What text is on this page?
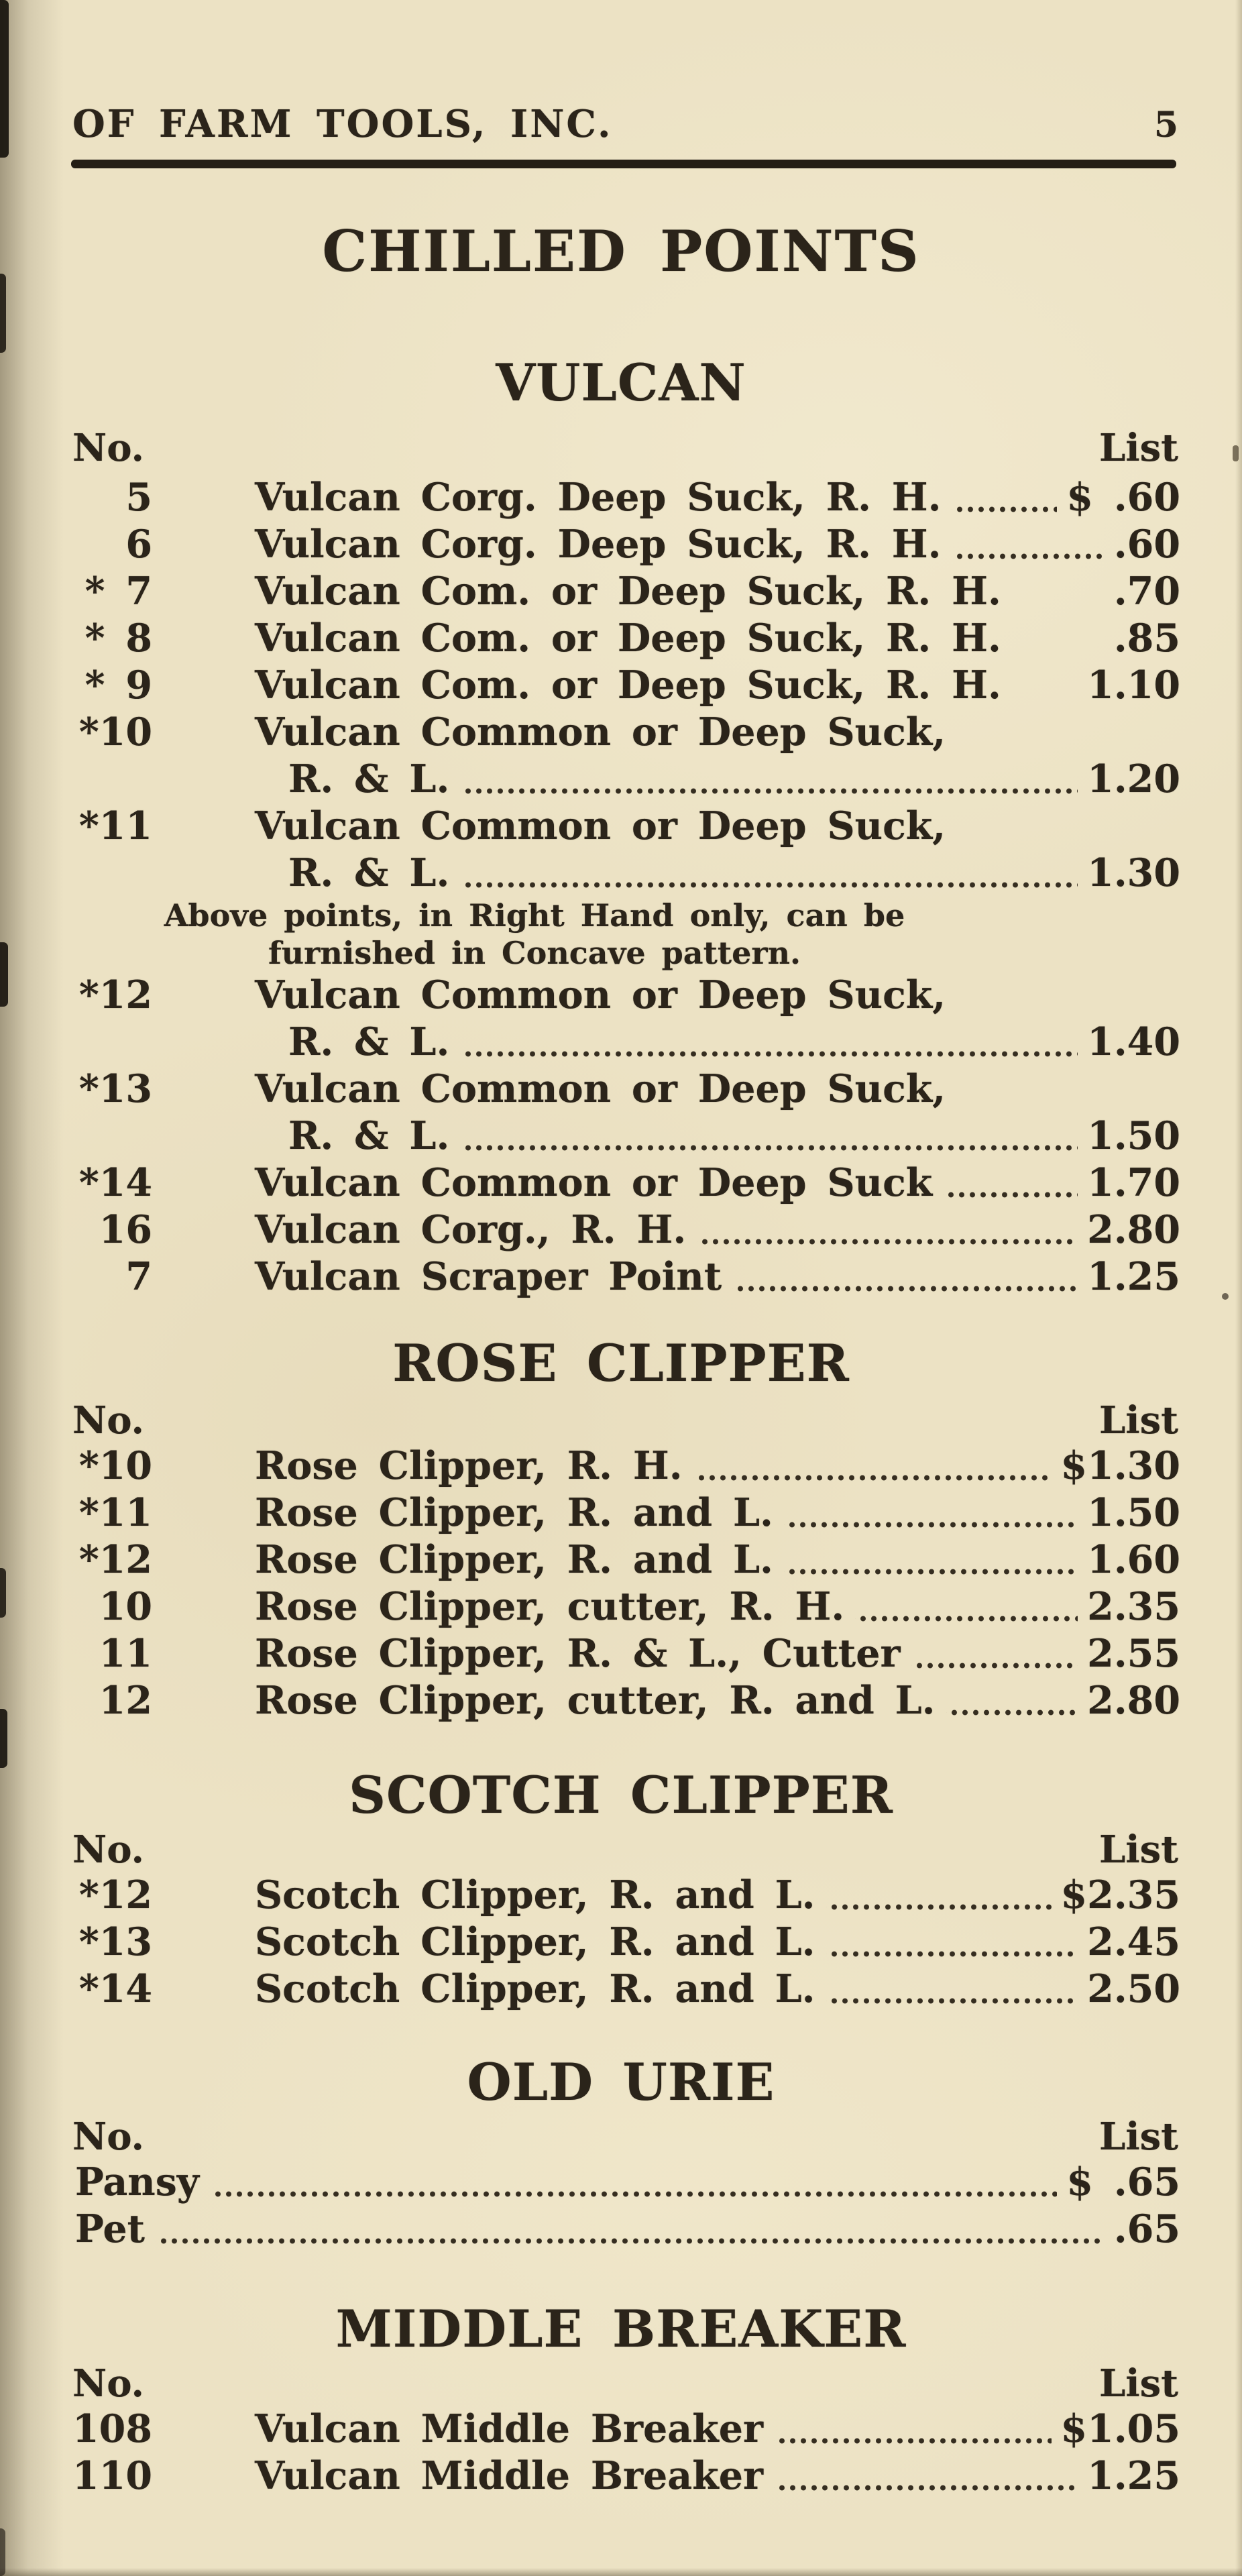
OF FARM TOOLS, INC.	5
CHILLED POINTS
VULCAN
No.	List
5	Vulcan Corg. Deep Suck, R. H.	$ .60
6	Vulcan Corg. Deep Suck, R. H.	.60
* 7	Vulcan Com. or Deep Suck, R. H.	.70
* 8	Vulcan Com. or Deep Suck, R. H.	.85
* 9	Vulcan Com. or Deep Suck, R. H. 1.10
*10	Vulcan Common or Deep Suck,
R. & L.	1.20
*11	Vulcan Common or Deep Suck,
R. & L.	1.30
Above points, in Right Hand only, can be
furnished in Concave pattern.
*12	Vulcan Common or Deep Suck,
R. & L.	1.40
*13	Vulcan Common or Deep Suck,
R. & L.	1.50
*14	Vulcan Common or Deep Suck	1.70
16	Vulcan Corg., R. H.	2.80
7	Vulcan Scraper Point	1.25
ROSE CLIPPER
No.	List
*10	Rose Clipper, R. H.	$1.30
*11	Rose Clipper, R. and L.	1.50
*12	Rose Clipper, R. and L.	1.60
10	Rose Clipper, cutter, R. H.	2.35
11	Rose Clipper, R. & L., Cutter	2.55
12	Rose Clipper, cutter, R. and L.	2.80
SCOTCH CLIPPER
No.	List
*12	Scotch Clipper, R. and L.	$2.35
*13	Scotch Clipper, R. and L.	2.45
*14	Scotch Clipper, R. and L.	2.50
OLD URIE
No.	List
Pansy	$ .65
Pet	.65
MIDDLE BREAKER
No.	List
108	Vulcan Middle Breaker	$1.05
110	Vulcan Middle Breaker	1.25
